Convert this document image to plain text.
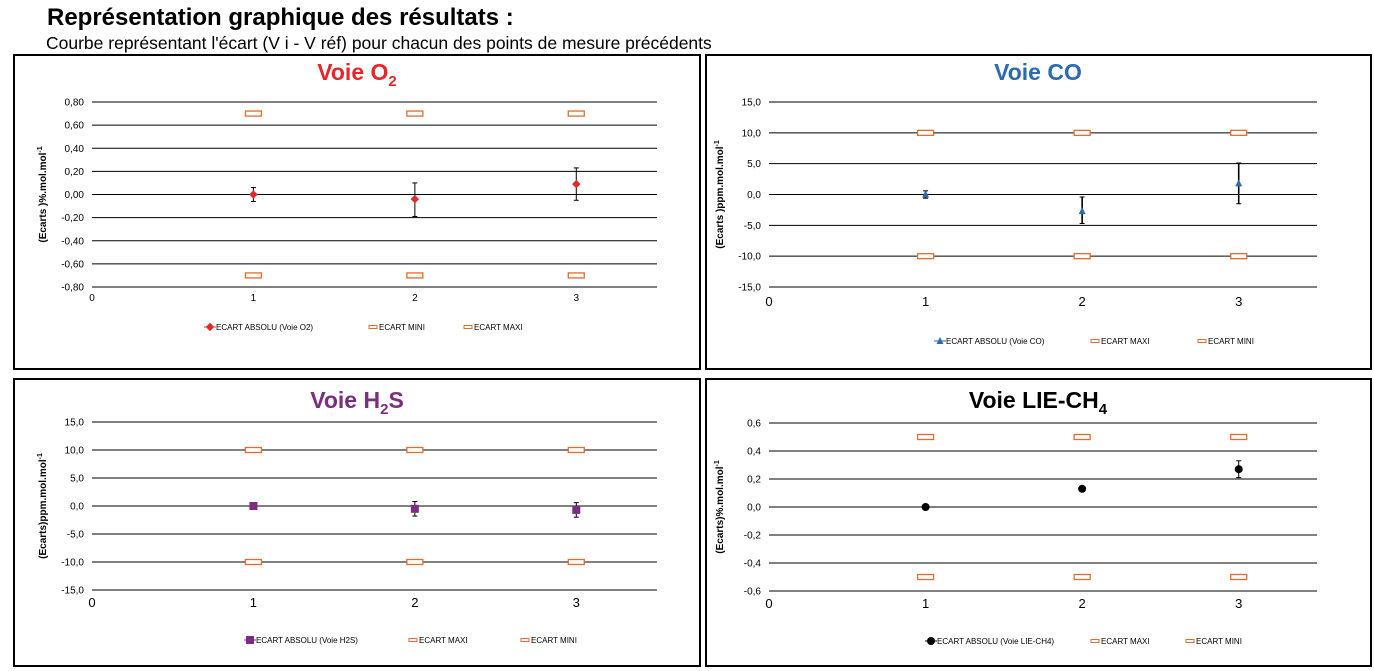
Représentation graphique des résultats :
Courbe représentant l'écart (V i - V réf) pour chacun des points de mesure précédents
Voie $O_2$
0,80
0,60
0,40
0,20
0,00
-0,20
-0,40
-0,60
-0,80
0	1	2	3
(Ecarts )%.mol.mol$^{-1}$
ECART ABSOLU (Voie O2)	ECART MINI	ECART MAXI
Voie CO
15,0
10,0
5,0
0,0
-5,0
-10,0
-15,0
0	1	2	3
(Ecarts )ppm.mol.mol$^{-1}$
ECART ABSOLU (Voie CO)	ECART MAXI	ECART MINI
Voie $H_2S$
15,0
10,0
5,0
0,0
-5,0
-10,0
-15,0
0	1	2	3
(Ecarts)ppm.mol.mol$^{-1}$
ECART ABSOLU (Voie H2S)	ECART MAXI	ECART MINI
Voie LIE-$CH_4$
0,6
0,4
0,2
0,0
-0,2
-0,4
-0,6
0	1	2	3
(Ecarts)%.mol.mol$^{-1}$
ECART ABSOLU (Voie LIE-CH4)	ECART MAXI	ECART MINI
